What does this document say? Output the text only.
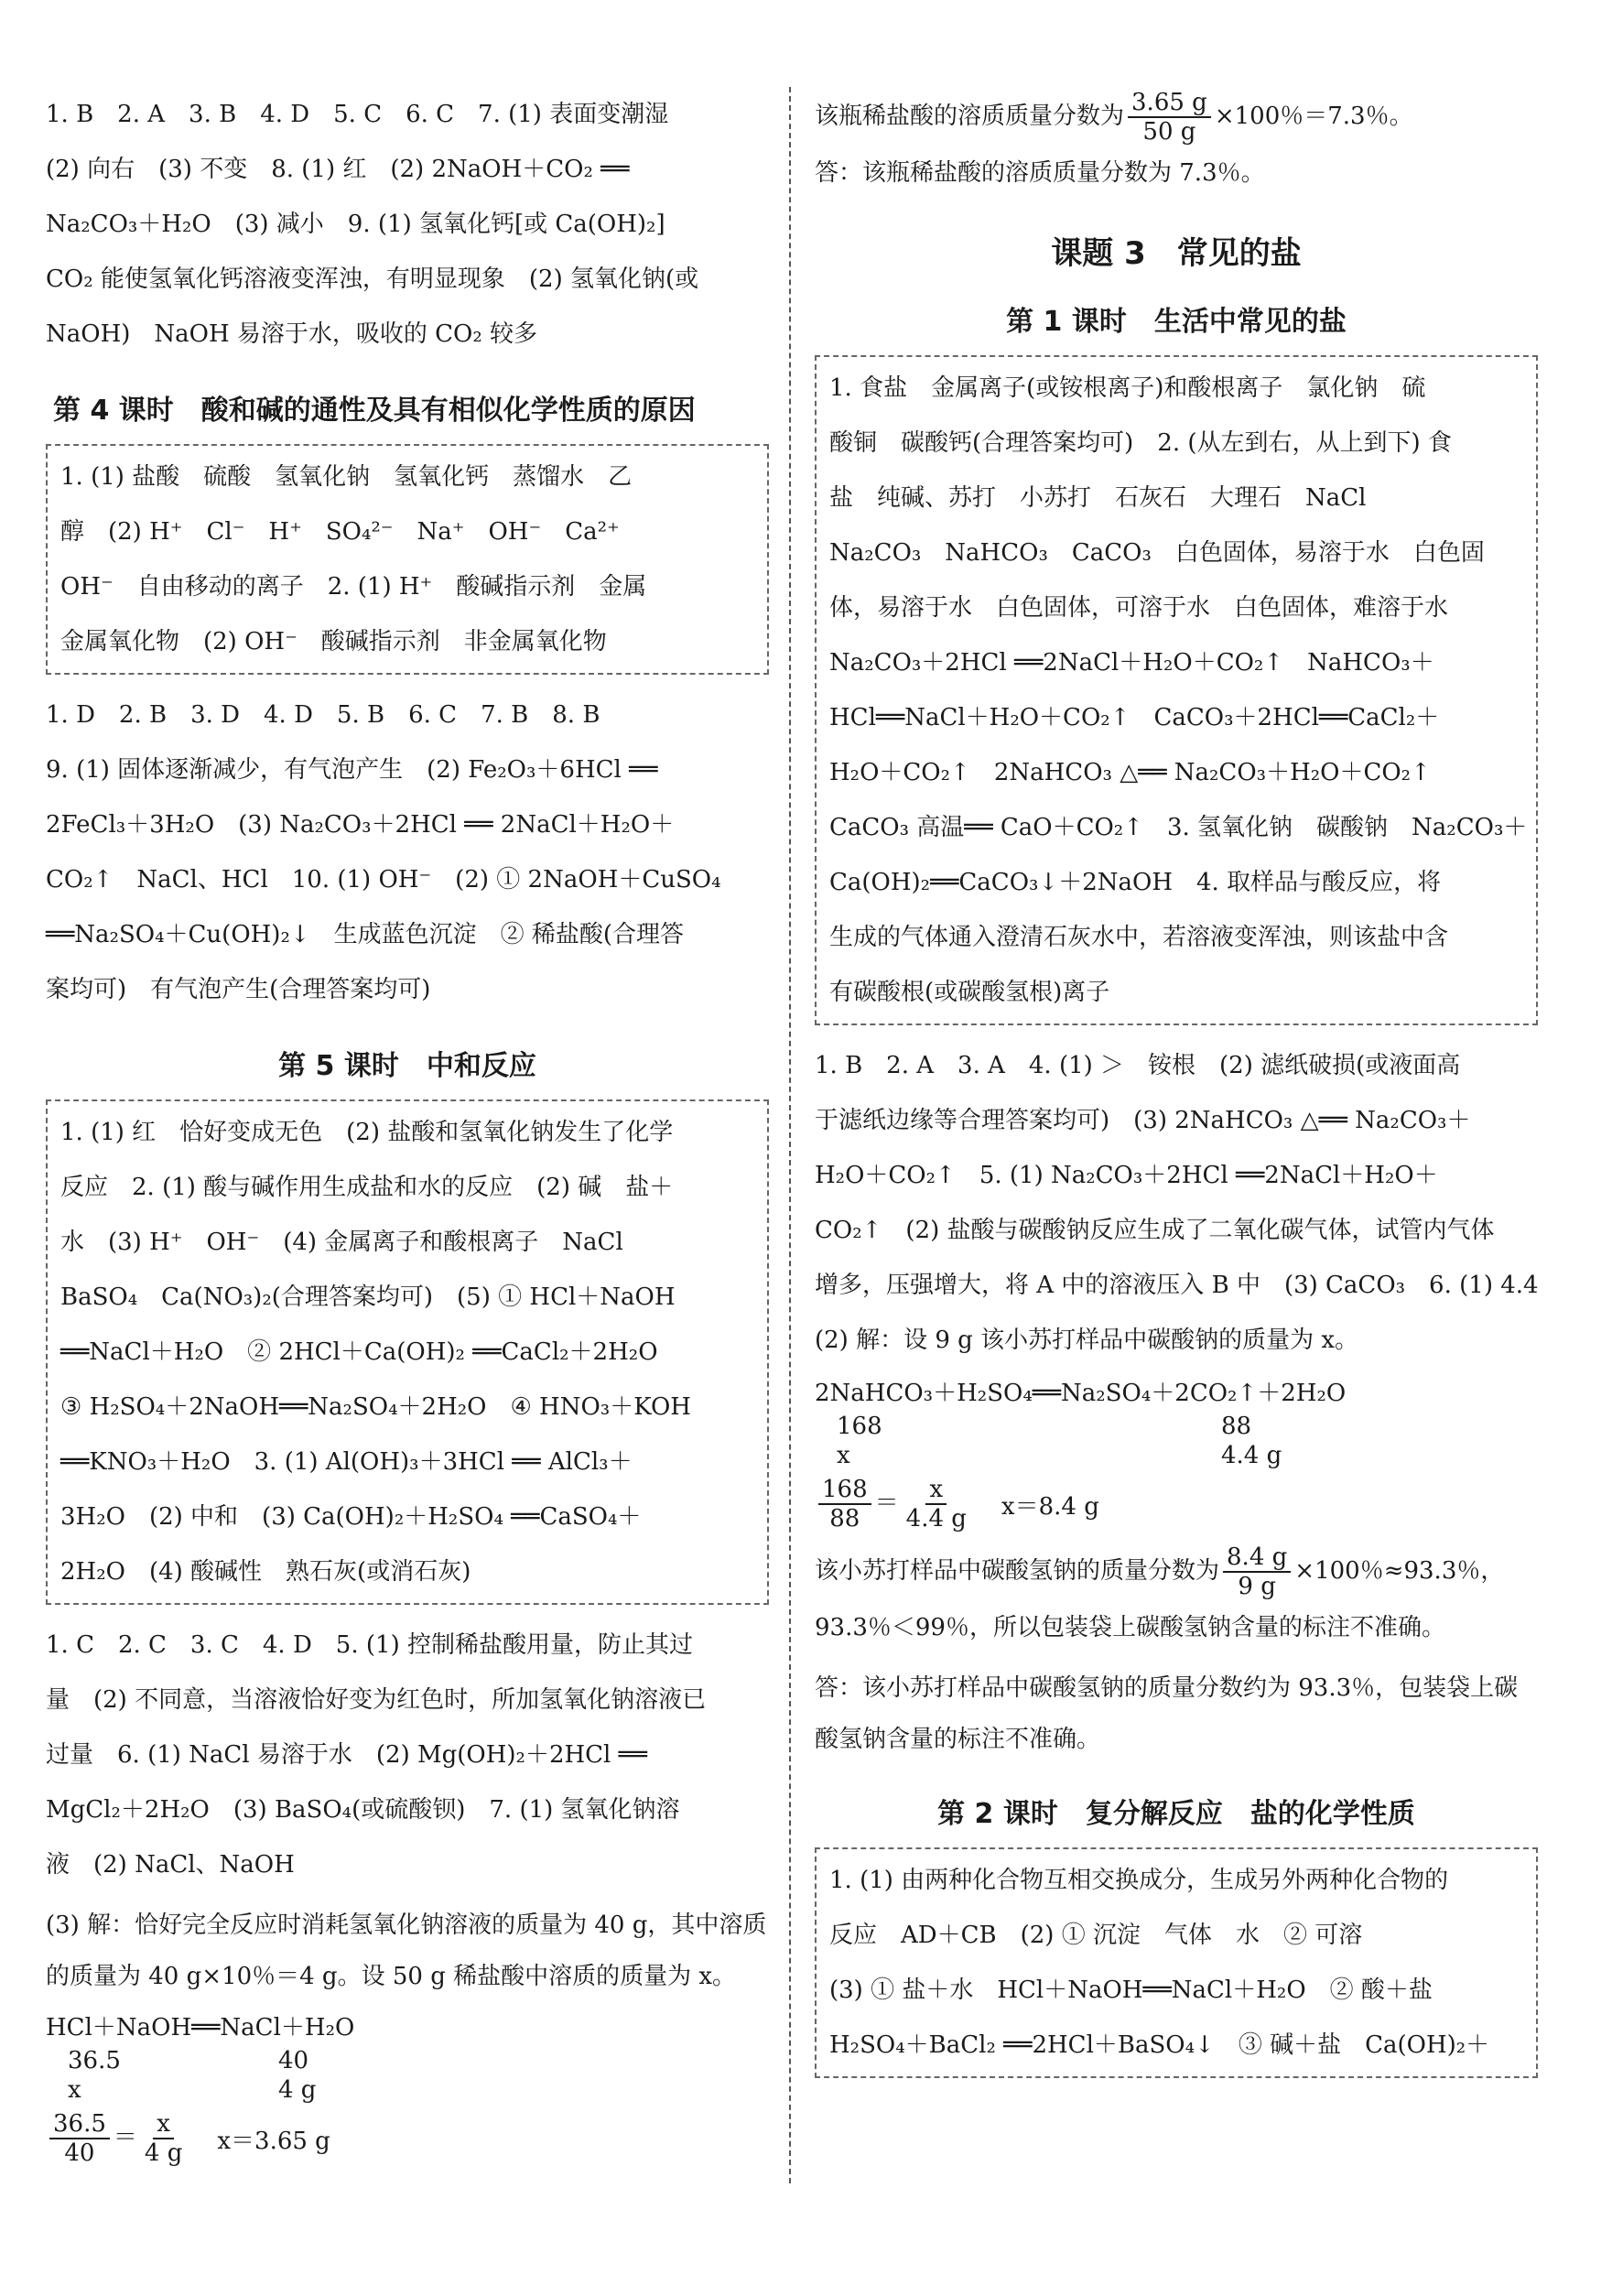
1. B　2. A　3. B　4. D　5. C　6. C　7. (1) 表面变潮湿

(2) 向右　(3) 不变　8. (1) 红　(2) 2NaOH＋CO₂ ══

Na₂CO₃＋H₂O　(3) 减小　9. (1) 氢氧化钙[或 Ca(OH)₂]

CO₂ 能使氢氧化钙溶液变浑浊，有明显现象　(2) 氢氧化钠(或

NaOH)　NaOH 易溶于水，吸收的 CO₂ 较多

第 4 课时　酸和碱的通性及具有相似化学性质的原因

1. (1) 盐酸　硫酸　氢氧化钠　氢氧化钙　蒸馏水　乙

醇　(2) H⁺　Cl⁻　H⁺　SO₄²⁻　Na⁺　OH⁻　Ca²⁺

OH⁻　自由移动的离子　2. (1) H⁺　酸碱指示剂　金属

金属氧化物　(2) OH⁻　酸碱指示剂　非金属氧化物

1. D　2. B　3. D　4. D　5. B　6. C　7. B　8. B

9. (1) 固体逐渐减少，有气泡产生　(2) Fe₂O₃＋6HCl ══

2FeCl₃＋3H₂O　(3) Na₂CO₃＋2HCl ══ 2NaCl＋H₂O＋

CO₂↑　NaCl、HCl　10. (1) OH⁻　(2) ① 2NaOH＋CuSO₄

══Na₂SO₄＋Cu(OH)₂↓　生成蓝色沉淀　② 稀盐酸(合理答

案均可)　有气泡产生(合理答案均可)

第 5 课时　中和反应

1. (1) 红　恰好变成无色　(2) 盐酸和氢氧化钠发生了化学

反应　2. (1) 酸与碱作用生成盐和水的反应　(2) 碱　盐＋

水　(3) H⁺　OH⁻　(4) 金属离子和酸根离子　NaCl

BaSO₄　Ca(NO₃)₂(合理答案均可)　(5) ① HCl＋NaOH

══NaCl＋H₂O　② 2HCl＋Ca(OH)₂ ══CaCl₂＋2H₂O

③ H₂SO₄＋2NaOH══Na₂SO₄＋2H₂O　④ HNO₃＋KOH

══KNO₃＋H₂O　3. (1) Al(OH)₃＋3HCl ══ AlCl₃＋

3H₂O　(2) 中和　(3) Ca(OH)₂＋H₂SO₄ ══CaSO₄＋

2H₂O　(4) 酸碱性　熟石灰(或消石灰)

1. C　2. C　3. C　4. D　5. (1) 控制稀盐酸用量，防止其过

量　(2) 不同意，当溶液恰好变为红色时，所加氢氧化钠溶液已

过量　6. (1) NaCl 易溶于水　(2) Mg(OH)₂＋2HCl ══

MgCl₂＋2H₂O　(3) BaSO₄(或硫酸钡)　7. (1) 氢氧化钠溶

液　(2) NaCl、NaOH

(3) 解：恰好完全反应时消耗氢氧化钠溶液的质量为 40 g，其中溶质的质量为 40 g×10％＝4 g。设 50 g 稀盐酸中溶质的质量为 x。

HCl＋NaOH══NaCl＋H₂O
36.5	40
x	4 g
$\frac{36.5}{40} = \frac{x}{4 g} x=3.65$ g

该瓶稀盐酸的溶质质量分数为 $\frac{3.65 g}{50 g} \times 100$％＝7.3％。

答：该瓶稀盐酸的溶质质量分数为 7.3％。

课题 3　常见的盐
第 1 课时　生活中常见的盐

1. 食盐　金属离子(或铵根离子)和酸根离子　氯化钠　硫

酸铜　碳酸钙(合理答案均可)　2. (从左到右，从上到下) 食

盐　纯碱、苏打　小苏打　石灰石　大理石　NaCl

Na₂CO₃　NaHCO₃　CaCO₃　白色固体，易溶于水　白色固

体，易溶于水　白色固体，可溶于水　白色固体，难溶于水

Na₂CO₃＋2HCl ══2NaCl＋H₂O＋CO₂↑　NaHCO₃＋

HCl══NaCl＋H₂O＋CO₂↑　CaCO₃＋2HCl══CaCl₂＋

H₂O＋CO₂↑　2NaHCO₃ △══ Na₂CO₃＋H₂O＋CO₂↑

CaCO₃ 高温══ CaO＋CO₂↑　3. 氢氧化钠　碳酸钠　Na₂CO₃＋

Ca(OH)₂══CaCO₃↓＋2NaOH　4. 取样品与酸反应，将

生成的气体通入澄清石灰水中，若溶液变浑浊，则该盐中含

有碳酸根(或碳酸氢根)离子

1. B　2. A　3. A　4. (1) ＞　铵根　(2) 滤纸破损(或液面高

于滤纸边缘等合理答案均可)　(3) 2NaHCO₃ △══ Na₂CO₃＋

H₂O＋CO₂↑　5. (1) Na₂CO₃＋2HCl ══2NaCl＋H₂O＋

CO₂↑　(2) 盐酸与碳酸钠反应生成了二氧化碳气体，试管内气体

增多，压强增大，将 A 中的溶液压入 B 中　(3) CaCO₃　6. (1) 4.4

(2) 解：设 9 g 该小苏打样品中碳酸钠的质量为 x。

2NaHCO₃＋H₂SO₄══Na₂SO₄＋2CO₂↑＋2H₂O
168	88
x	4.4 g
$\frac{168}{88} = \frac{x}{4.4 g} x=8.4$ g

该小苏打样品中碳酸氢钠的质量分数为 $\frac{8.4 g}{9 g} \times 100$％≈93.3％，

93.3％＜99％，所以包装袋上碳酸氢钠含量的标注不准确。

答：该小苏打样品中碳酸氢钠的质量分数约为 93.3％，包装袋上碳酸氢钠含量的标注不准确。

第 2 课时　复分解反应　盐的化学性质

1. (1) 由两种化合物互相交换成分，生成另外两种化合物的

反应　AD＋CB　(2) ① 沉淀　气体　水　② 可溶

(3) ① 盐＋水　HCl＋NaOH══NaCl＋H₂O　② 酸＋盐

H₂SO₄＋BaCl₂ ══2HCl＋BaSO₄↓　③ 碱＋盐　Ca(OH)₂＋
